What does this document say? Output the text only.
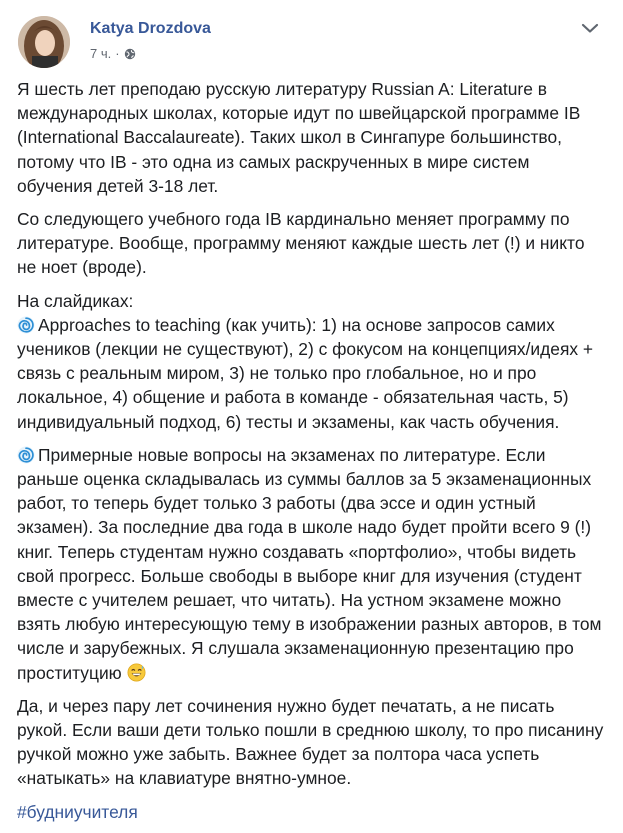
Katya Drozdova
7 ч. ·

Я шесть лет преподаю русскую литературу Russian A: Literature в
международных школах, которые идут по швейцарской программе IB
(International Baccalaureate). Таких школ в Сингапуре большинство,
потому что IB - это одна из самых раскрученных в мире систем
обучения детей 3-18 лет.

Со следующего учебного года IB кардинально меняет программу по
литературе. Вообще, программу меняют каждые шесть лет (!) и никто
не ноет (вроде).

На слайдиках:
Approaches to teaching (как учить): 1) на основе запросов самих
учеников (лекции не существуют), 2) с фокусом на концепциях/идеях +
связь с реальным миром, 3) не только про глобальное, но и про
локальное, 4) общение и работа в команде - обязательная часть, 5)
индивидуальный подход, 6) тесты и экзамены, как часть обучения.

Примерные новые вопросы на экзаменах по литературе. Если
раньше оценка складывалась из суммы баллов за 5 экзаменационных
работ, то теперь будет только 3 работы (два эссе и один устный
экзамен). За последние два года в школе надо будет пройти всего 9 (!)
книг. Теперь студентам нужно создавать «портфолио», чтобы видеть
свой прогресс. Больше свободы в выборе книг для изучения (студент
вместе с учителем решает, что читать). На устном экзамене можно
взять любую интересующую тему в изображении разных авторов, в том
числе и зарубежных. Я слушала экзаменационную презентацию про
проституцию

Да, и через пару лет сочинения нужно будет печатать, а не писать
рукой. Если ваши дети только пошли в среднюю школу, то про писанину
ручкой можно уже забыть. Важнее будет за полтора часа успеть
«натыкать» на клавиатуре внятно-умное.

#будниучителя
